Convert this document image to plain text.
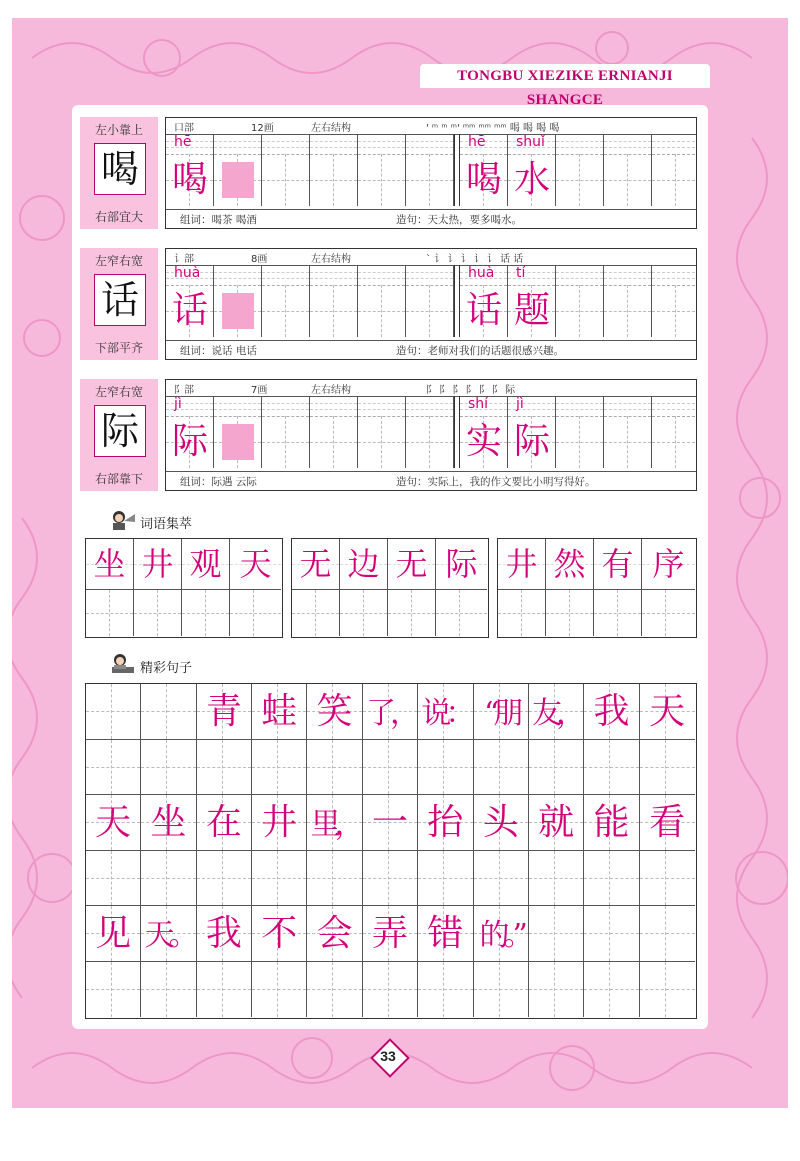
TONGBU XIEZIKE ERNIANJI SHANGCE
左小靠上
喝
右部宜大
口部	12画	左右结构	' ᵐ ᵐ ᵐ' ᵐᵐ ᵐᵐ ᵐᵐ 喝 喝 喝 喝
hē
喝
hē
喝
shuǐ
水
组词：喝茶 喝酒	造句：天太热，要多喝水。
左窄右宽
话
下部平齐
讠部	8画	左右结构	` 讠 讠 讠 讠 讠 话 话
huà
话
huà
话
tí
题
组词：说话 电话	造句：老师对我们的话题很感兴趣。
左窄右宽
际
右部靠下
阝部	7画	左右结构	阝 阝 阝 阝 阝 阝 际
jì
际
shí
实
jì
际
组词：际遇 云际	造句：实际上，我的作文要比小明写得好。
词语集萃
坐 井 观 天 无 边 无 际 井 然 有 序
精彩句子
青 蛙 笑 了， 说： “朋 友， 我 天
天 坐 在 井 里， 一 抬 头 就 能 看
见 天。 我 不 会 弄 错 的。”
33
